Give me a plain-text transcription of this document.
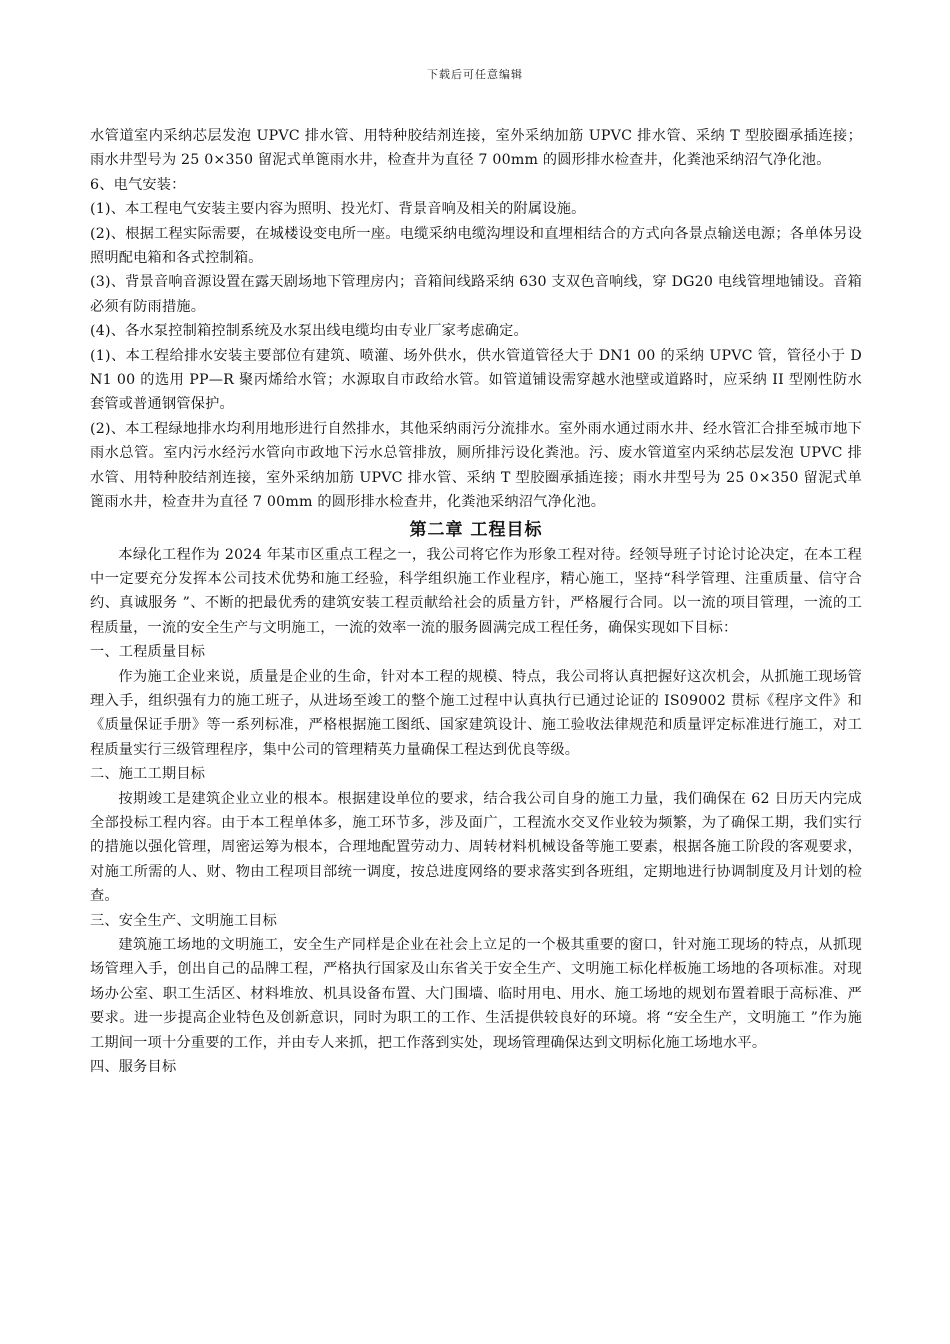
下载后可任意编辑

水管道室内采纳芯层发泡 UPVC 排水管、用特种胶结剂连接，室外采纳加筋 UPVC 排水管、采纳 T 型胶圈承插连接；雨水井型号为 25 0×350 留泥式单篦雨水井，检查井为直径 7 00mm 的圆形排水检查井，化粪池采纳沼气净化池。

6、电气安装：

(1)、本工程电气安装主要内容为照明、投光灯、背景音响及相关的附属设施。

(2)、根据工程实际需要，在城楼设变电所一座。电缆采纳电缆沟埋设和直埋相结合的方式向各景点输送电源；各单体另设照明配电箱和各式控制箱。

(3)、背景音响音源设置在露天剧场地下管理房内；音箱间线路采纳 630 支双色音响线，穿 DG20 电线管埋地铺设。音箱必须有防雨措施。

(4)、各水泵控制箱控制系统及水泵出线电缆均由专业厂家考虑确定。

(1)、本工程给排水安装主要部位有建筑、喷灌、场外供水，供水管道管径大于 DN1 00 的采纳 UPVC 管，管径小于 DN1 00 的选用 PP—R 聚丙烯给水管；水源取自市政给水管。如管道铺设需穿越水池壁或道路时，应采纳 II 型刚性防水套管或普通钢管保护。

(2)、本工程绿地排水均利用地形进行自然排水，其他采纳雨污分流排水。室外雨水通过雨水井、经水管汇合排至城市地下雨水总管。室内污水经污水管向市政地下污水总管排放，厕所排污设化粪池。污、废水管道室内采纳芯层发泡 UPVC 排水管、用特种胶结剂连接，室外采纳加筋 UPVC 排水管、采纳 T 型胶圈承插连接；雨水井型号为 25 0×350 留泥式单篦雨水井，检查井为直径 7 00mm 的圆形排水检查井，化粪池采纳沼气净化池。

第二章 工程目标

本绿化工程作为 2024 年某市区重点工程之一，我公司将它作为形象工程对待。经领导班子讨论讨论决定，在本工程中一定要充分发挥本公司技术优势和施工经验，科学组织施工作业程序，精心施工，坚持“科学管理、注重质量、信守合约、真诚服务 ”、不断的把最优秀的建筑安装工程贡献给社会的质量方针，严格履行合同。以一流的项目管理，一流的工程质量，一流的安全生产与文明施工，一流的效率一流的服务圆满完成工程任务，确保实现如下目标：

一、工程质量目标

作为施工企业来说，质量是企业的生命，针对本工程的规模、特点，我公司将认真把握好这次机会，从抓施工现场管理入手，组织强有力的施工班子，从进场至竣工的整个施工过程中认真执行已通过论证的 IS09002 贯标《程序文件》和《质量保证手册》等一系列标准，严格根据施工图纸、国家建筑设计、施工验收法律规范和质量评定标准进行施工，对工程质量实行三级管理程序，集中公司的管理精英力量确保工程达到优良等级。

二、施工工期目标

按期竣工是建筑企业立业的根本。根据建设单位的要求，结合我公司自身的施工力量，我们确保在 62 日历天内完成全部投标工程内容。由于本工程单体多，施工环节多，涉及面广，工程流水交叉作业较为频繁，为了确保工期，我们实行的措施以强化管理，周密运筹为根本，合理地配置劳动力、周转材料机械设备等施工要素，根据各施工阶段的客观要求，对施工所需的人、财、物由工程项目部统一调度，按总进度网络的要求落实到各班组，定期地进行协调制度及月计划的检查。

三、安全生产、文明施工目标

建筑施工场地的文明施工，安全生产同样是企业在社会上立足的一个极其重要的窗口，针对施工现场的特点，从抓现场管理入手，创出自己的品牌工程，严格执行国家及山东省关于安全生产、文明施工标化样板施工场地的各项标准。对现场办公室、职工生活区、材料堆放、机具设备布置、大门围墙、临时用电、用水、施工场地的规划布置着眼于高标准、严要求。进一步提高企业特色及创新意识，同时为职工的工作、生活提供较良好的环境。将 “安全生产，文明施工 ”作为施工期间一项十分重要的工作，并由专人来抓，把工作落到实处，现场管理确保达到文明标化施工场地水平。

四、服务目标
